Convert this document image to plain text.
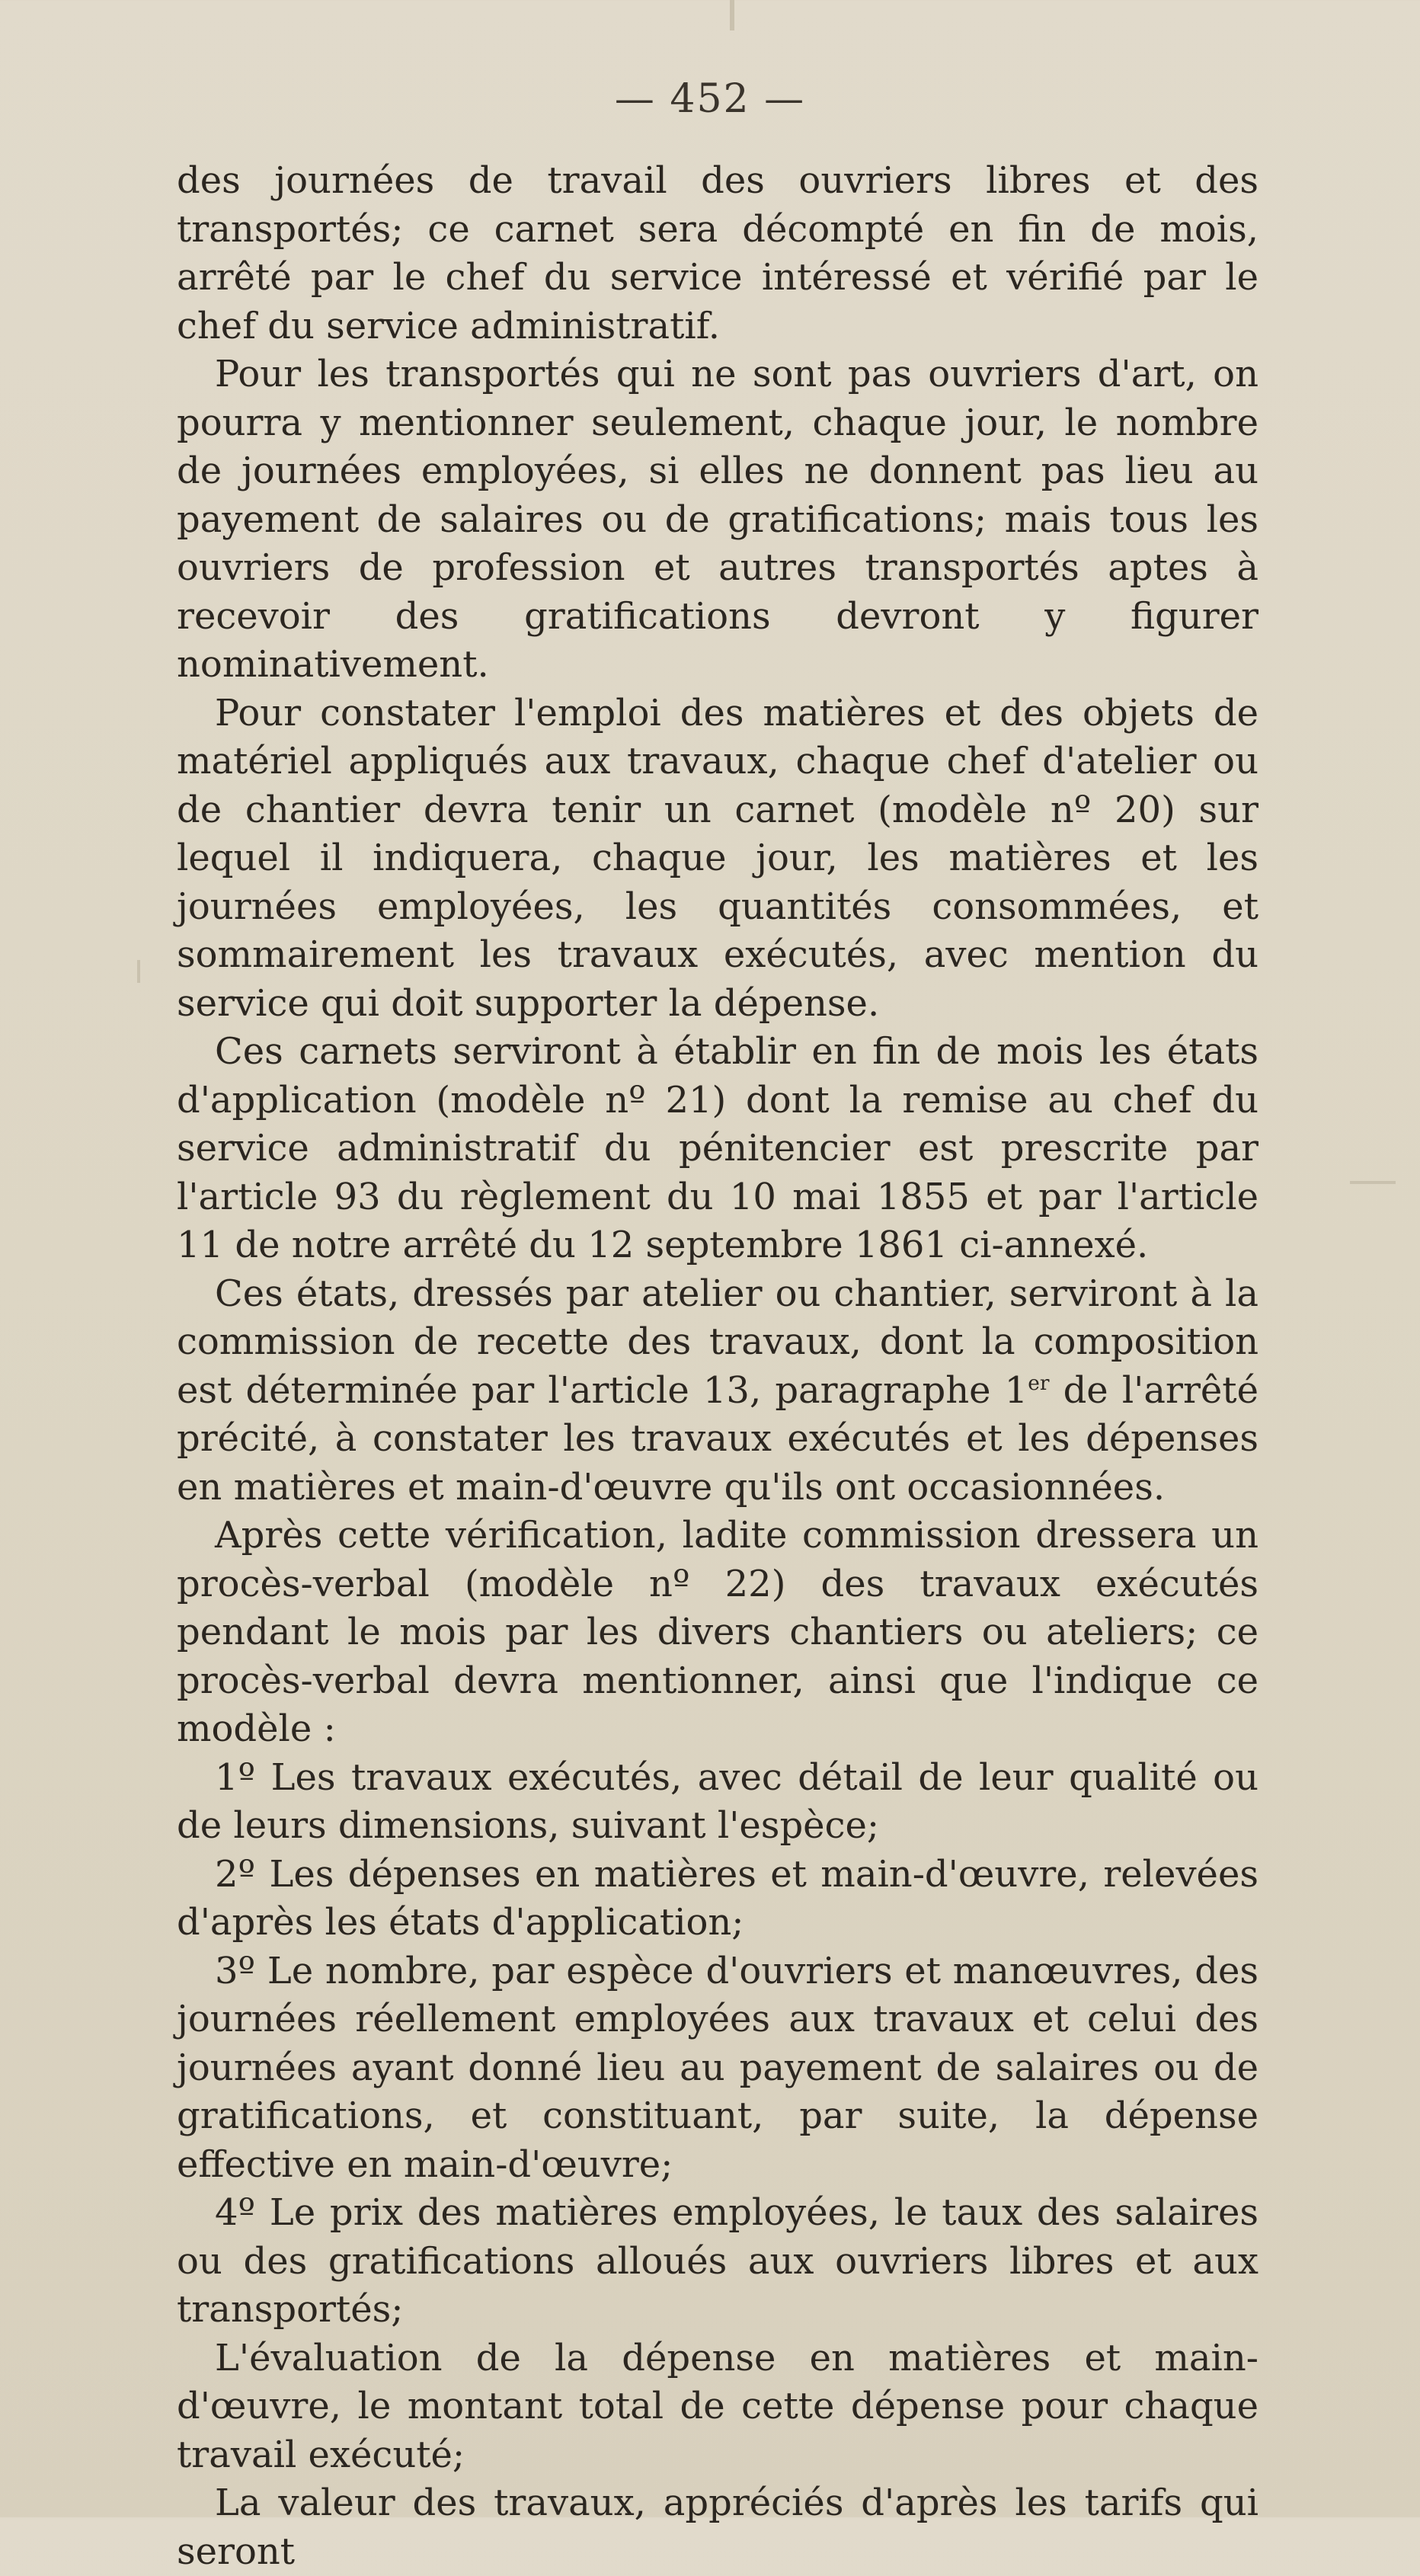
— 452 —

des journées de travail des ouvriers libres et des transportés; ce carnet sera décompté en fin de mois, arrêté par le chef du service intéressé et vérifié par le chef du service administratif.

Pour les transportés qui ne sont pas ouvriers d'art, on pourra y mentionner seulement, chaque jour, le nombre de journées employées, si elles ne donnent pas lieu au payement de salaires ou de gratifications; mais tous les ouvriers de profession et autres transportés aptes à recevoir des gratifications devront y figurer nominativement.

Pour constater l'emploi des matières et des objets de matériel appliqués aux travaux, chaque chef d'atelier ou de chantier devra tenir un carnet (modèle nº 20) sur lequel il indiquera, chaque jour, les matières et les journées employées, les quantités consommées, et sommairement les travaux exécutés, avec mention du service qui doit supporter la dépense.

Ces carnets serviront à établir en fin de mois les états d'application (modèle nº 21) dont la remise au chef du service administratif du pénitencier est prescrite par l'article 93 du règlement du 10 mai 1855 et par l'article 11 de notre arrêté du 12 septembre 1861 ci-annexé.

Ces états, dressés par atelier ou chantier, serviront à la commission de recette des travaux, dont la composition est déterminée par l'article 13, paragraphe 1er de l'arrêté précité, à constater les travaux exécutés et les dépenses en matières et main-d'œuvre qu'ils ont occasionnées.

Après cette vérification, ladite commission dressera un procès-verbal (modèle nº 22) des travaux exécutés pendant le mois par les divers chantiers ou ateliers; ce procès-verbal devra mentionner, ainsi que l'indique ce modèle :

1º Les travaux exécutés, avec détail de leur qualité ou de leurs dimensions, suivant l'espèce;

2º Les dépenses en matières et main-d'œuvre, relevées d'après les états d'application;

3º Le nombre, par espèce d'ouvriers et manœuvres, des journées réellement employées aux travaux et celui des journées ayant donné lieu au payement de salaires ou de gratifications, et constituant, par suite, la dépense effective en main-d'œuvre;

4º Le prix des matières employées, le taux des salaires ou des gratifications alloués aux ouvriers libres et aux transportés;

L'évaluation de la dépense en matières et main-d'œuvre, le montant total de cette dépense pour chaque travail exécuté;

La valeur des travaux, appréciés d'après les tarifs qui seront
